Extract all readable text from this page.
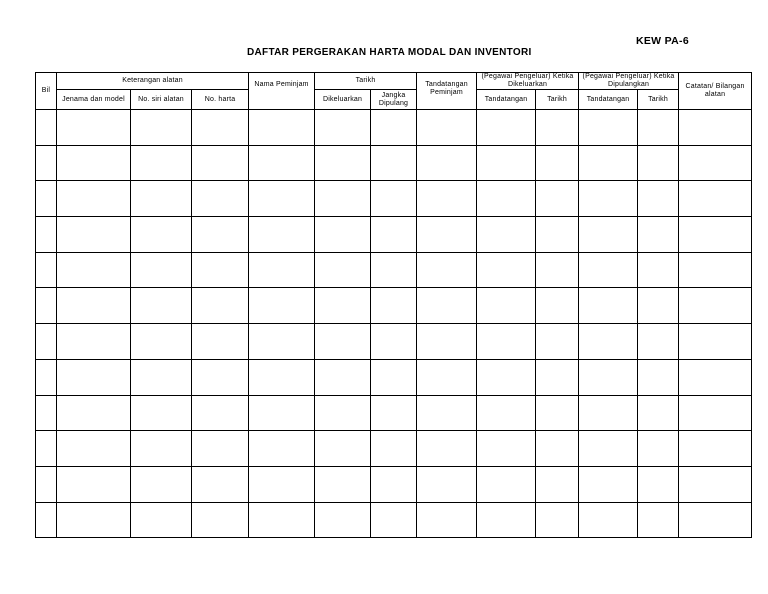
KEW PA-6
DAFTAR PERGERAKAN HARTA MODAL DAN INVENTORI
Bil	Keterangan alatan			Nama Peminjam	Tarikh		Tandatangan Peminjam	(Pegawai Pengeluar) Ketika Dikeluarkan		(Pegawai Pengeluar) Ketika Dipulangkan		Catatan/ Bilangan alatan
	Jenama dan model	No. siri alatan	No. harta		Dikeluarkan	Jangka Dipulang		Tandatangan	Tarikh	Tandatangan	Tarikh	
